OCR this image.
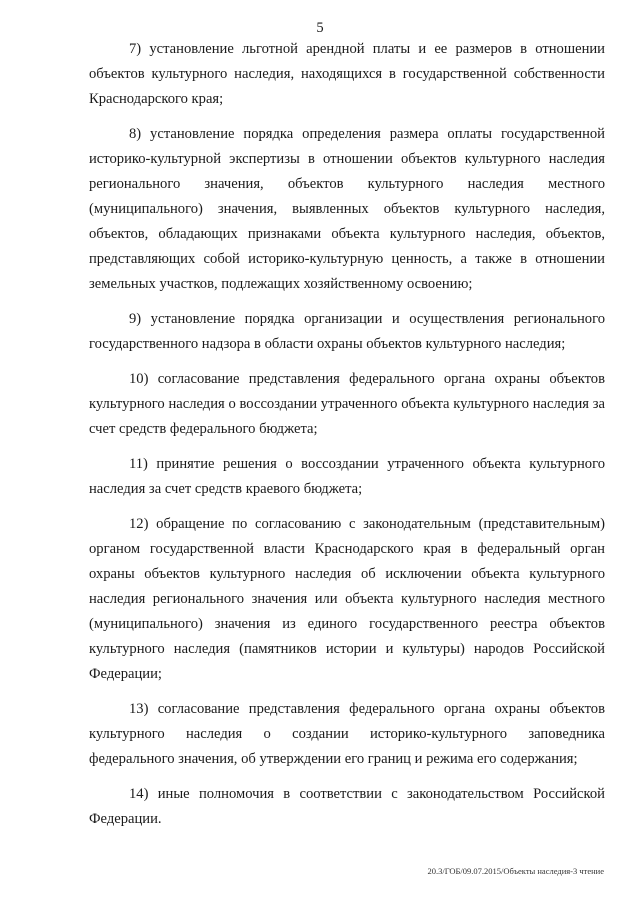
5

7) установление льготной арендной платы и ее размеров в отношении объектов культурного наследия, находящихся в государственной собственности Краснодарского края;

8) установление порядка определения размера оплаты государственной историко-культурной экспертизы в отношении объектов культурного наследия регионального значения, объектов культурного наследия местного (муниципального) значения, выявленных объектов культурного наследия, объектов, обладающих признаками объекта культурного наследия, объектов, представляющих собой историко-культурную ценность, а также в отношении земельных участков, подлежащих хозяйственному освоению;

9) установление порядка организации и осуществления регионального государственного надзора в области охраны объектов культурного наследия;

10) согласование представления федерального органа охраны объектов культурного наследия о воссоздании утраченного объекта культурного наследия за счет средств федерального бюджета;

11) принятие решения о воссоздании утраченного объекта культурного наследия за счет средств краевого бюджета;

12) обращение по согласованию с законодательным (представительным) органом государственной власти Краснодарского края в федеральный орган охраны объектов культурного наследия об исключении объекта культурного наследия регионального значения или объекта культурного наследия местного (муниципального) значения из единого государственного реестра объектов культурного наследия (памятников истории и культуры) народов Российской Федерации;

13) согласование представления федерального органа охраны объектов культурного наследия о создании историко-культурного заповедника федерального значения, об утверждении его границ и режима его содержания;

14) иные полномочия в соответствии с законодательством Российской Федерации.

20.3/ГОБ/09.07.2015/Объекты наследия-3 чтение
